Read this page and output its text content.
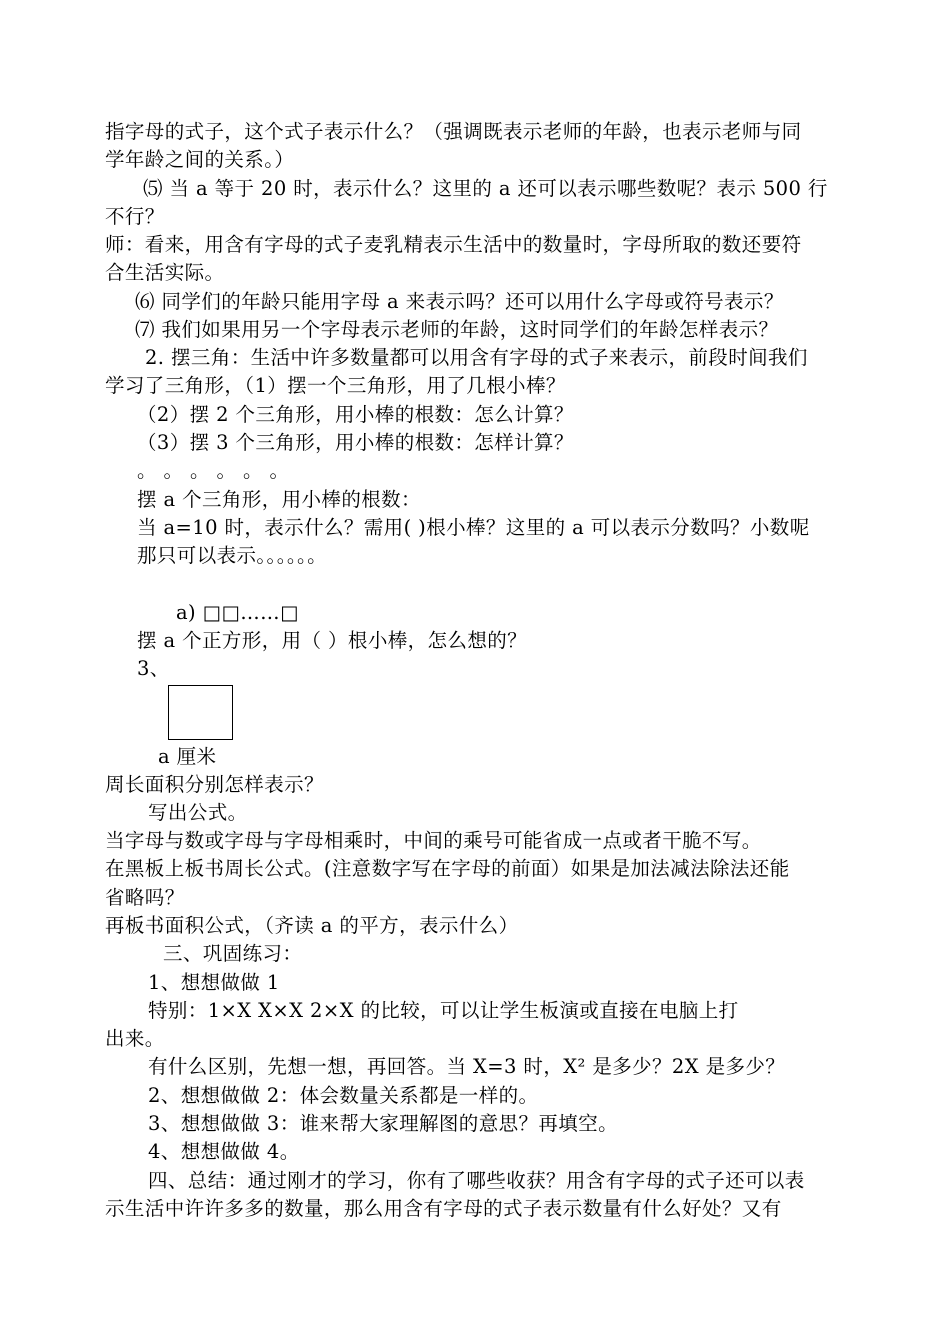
指字母的式子，这个式子表示什么？（强调既表示老师的年龄，也表示老师与同
学年龄之间的关系。）
⑸ 当 a 等于 20 时，表示什么？这里的 a 还可以表示哪些数呢？表示 500 行
不行？
师：看来，用含有字母的式子麦乳精表示生活中的数量时，字母所取的数还要符
合生活实际。
⑹ 同学们的年龄只能用字母 a 来表示吗？还可以用什么字母或符号表示？
⑺ 我们如果用另一个字母表示老师的年龄，这时同学们的年龄怎样表示？
2. 摆三角：生活中许多数量都可以用含有字母的式子来表示，前段时间我们
学习了三角形，（1）摆一个三角形，用了几根小棒？
（2）摆 2 个三角形，用小棒的根数：怎么计算？
（3）摆 3 个三角形，用小棒的根数：怎样计算？
。 。 。 。 。 。
摆 a 个三角形，用小棒的根数：
当 a=10 时，表示什么？需用( )根小棒？这里的 a 可以表示分数吗？小数呢
那只可以表示。。。。。。
a) □□……□
摆 a 个正方形，用（ ）根小棒，怎么想的？
3、
a 厘米
周长面积分别怎样表示？
写出公式。
当字母与数或字母与字母相乘时，中间的乘号可能省成一点或者干脆不写。
在黑板上板书周长公式。(注意数字写在字母的前面）如果是加法减法除法还能
省略吗？
再板书面积公式，（齐读 a 的平方，表示什么）
三、巩固练习：
1、想想做做 1
特别：1×X X×X 2×X 的比较，可以让学生板演或直接在电脑上打
出来。
有什么区别，先想一想，再回答。当 X=3 时，X² 是多少？2X 是多少？
2、想想做做 2：体会数量关系都是一样的。
3、想想做做 3：谁来帮大家理解图的意思？再填空。
4、想想做做 4。
四、总结：通过刚才的学习，你有了哪些收获？用含有字母的式子还可以表
示生活中许许多多的数量，那么用含有字母的式子表示数量有什么好处？又有
